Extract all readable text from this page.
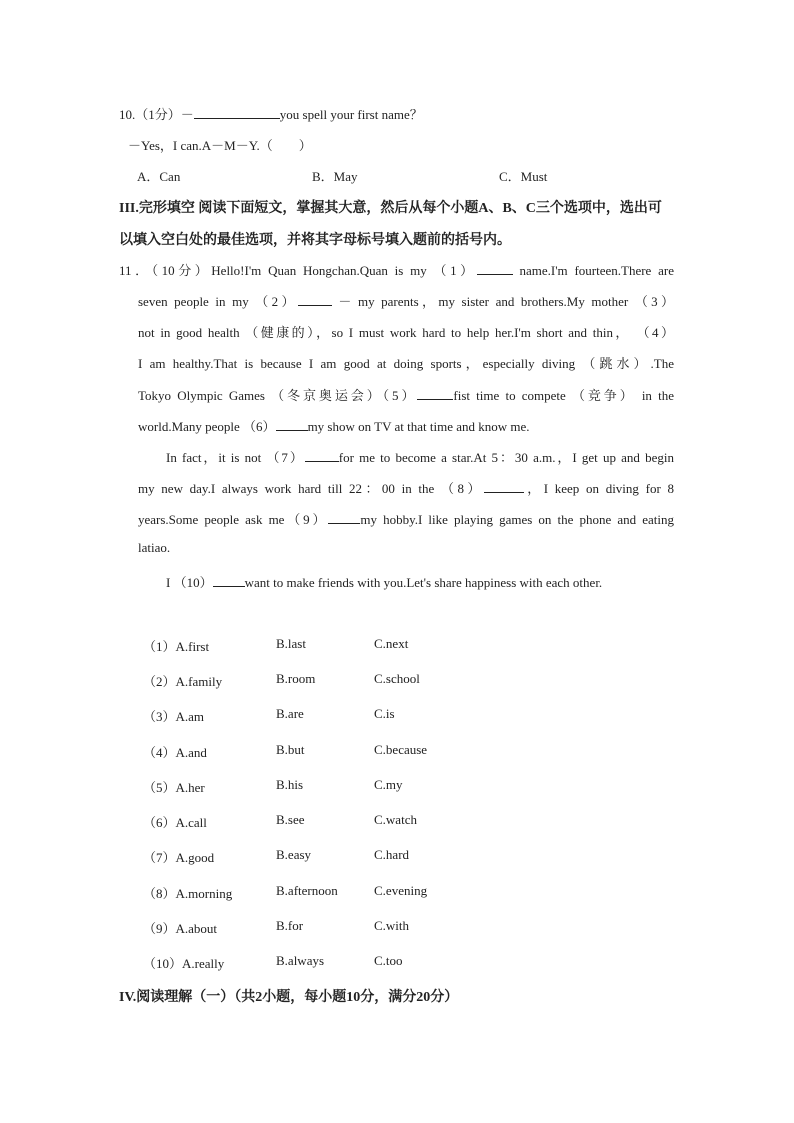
10.（1分）－	you spell your first name？
－Yes，I can.A－M－Y.（　　）
A．Can	B．May	C．Must
III.完形填空 阅读下面短文，掌握其大意，然后从每个小题A、B、C三个选项中，选出可
以填入空白处的最佳选项，并将其字母标号填入题前的括号内。
11．（10分）Hello!I'm Quan Hongchan.Quan is my （1）	name.I'm fourteen.There are
seven people in my （2）	－ my parents，my sister and brothers.My mother （3）
not in good health （健康的），so I must work hard to help her.I'm short and thin， （4）
I am healthy.That is because I am good at doing sports，especially diving （跳水）.The
Tokyo Olympic Games （冬京奥运会）（5）	fist time to compete （竞争） in the
world.Many people （6） my show on TV at that time and know me.
In fact，it is not （7）	for me to become a star.At 5：30 a.m.，I get up and begin
my new day.I always work hard till 22：00 in the （8）	，I keep on diving for 8
years.Some people ask me（9） my hobby.I like playing games on the phone and eating
latiao.
I （10） want to make friends with you.Let's share happiness with each other.
（1）A.first	B.last	C.next
（2）A.family	B.room	C.school
（3）A.am	B.are	C.is
（4）A.and	B.but	C.because
（5）A.her	B.his	C.my
（6）A.call	B.see	C.watch
（7）A.good	B.easy	C.hard
（8）A.morning	B.afternoon	C.evening
（9）A.about	B.for	C.with
（10）A.really	B.always	C.too
IV.阅读理解（一）（共2小题，每小题10分，满分20分）
